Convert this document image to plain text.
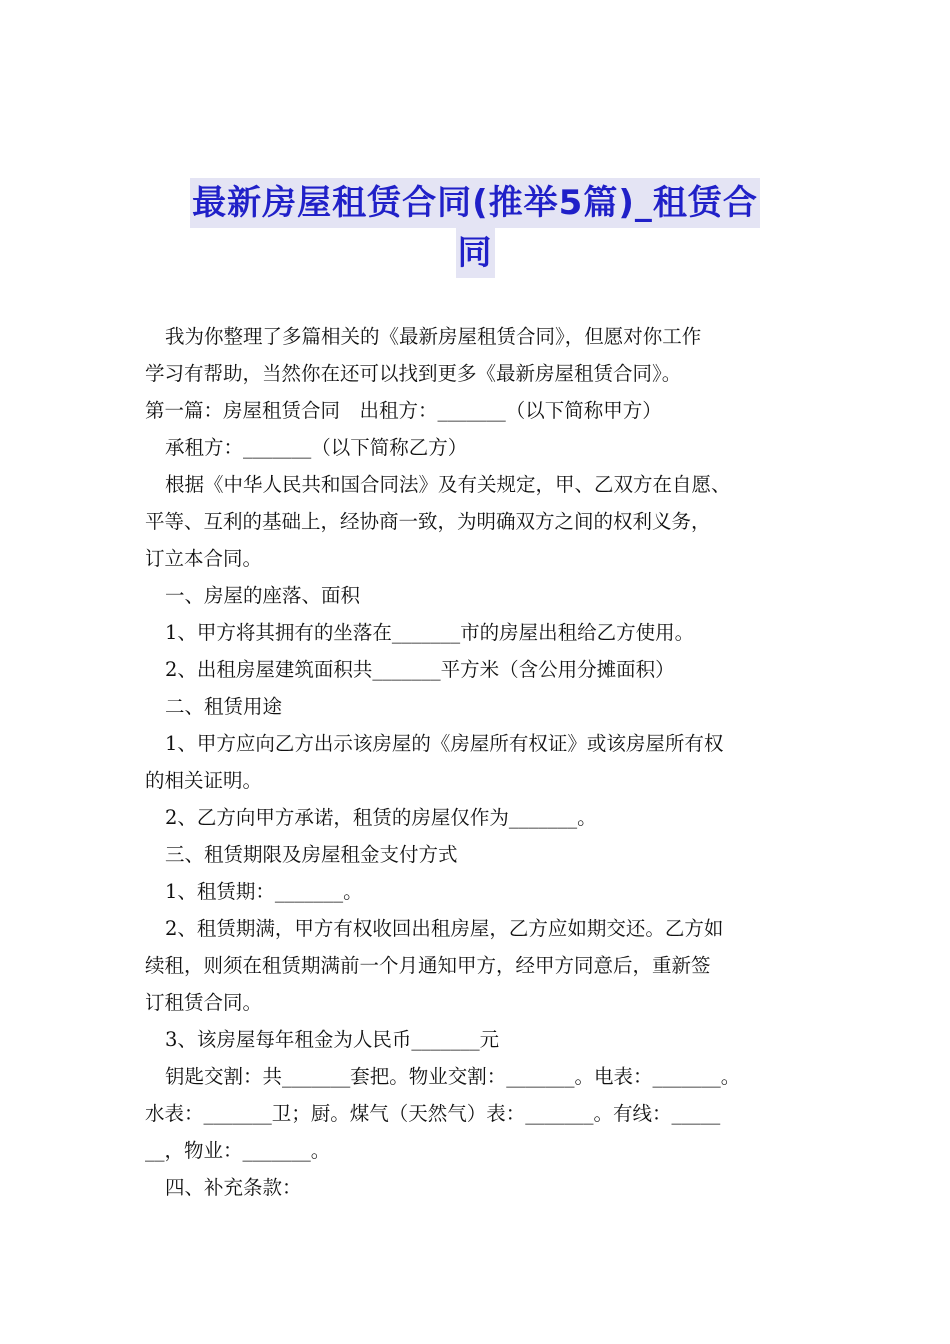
最新房屋租赁合同(推举5篇)_租赁合
同

我为你整理了多篇相关的《最新房屋租赁合同》，但愿对你工作

学习有帮助，当然你在还可以找到更多《最新房屋租赁合同》。

第一篇：房屋租赁合同　出租方：_______（以下简称甲方）

承租方：_______（以下简称乙方）

根据《中华人民共和国合同法》及有关规定，甲、乙双方在自愿、

平等、互利的基础上，经协商一致，为明确双方之间的权利义务，

订立本合同。

一、房屋的座落、面积

1、甲方将其拥有的坐落在_______市的房屋出租给乙方使用。

2、出租房屋建筑面积共_______平方米（含公用分摊面积）

二、租赁用途

1、甲方应向乙方出示该房屋的《房屋所有权证》或该房屋所有权

的相关证明。

2、乙方向甲方承诺，租赁的房屋仅作为_______。

三、租赁期限及房屋租金支付方式

1、租赁期：_______。

2、租赁期满，甲方有权收回出租房屋，乙方应如期交还。乙方如

续租，则须在租赁期满前一个月通知甲方，经甲方同意后，重新签

订租赁合同。

3、该房屋每年租金为人民币_______元

钥匙交割：共_______套把。物业交割：_______。电表：_______。

水表：_______卫；厨。煤气（天然气）表：_______。有线：_____

__，物业：_______。

四、补充条款：
